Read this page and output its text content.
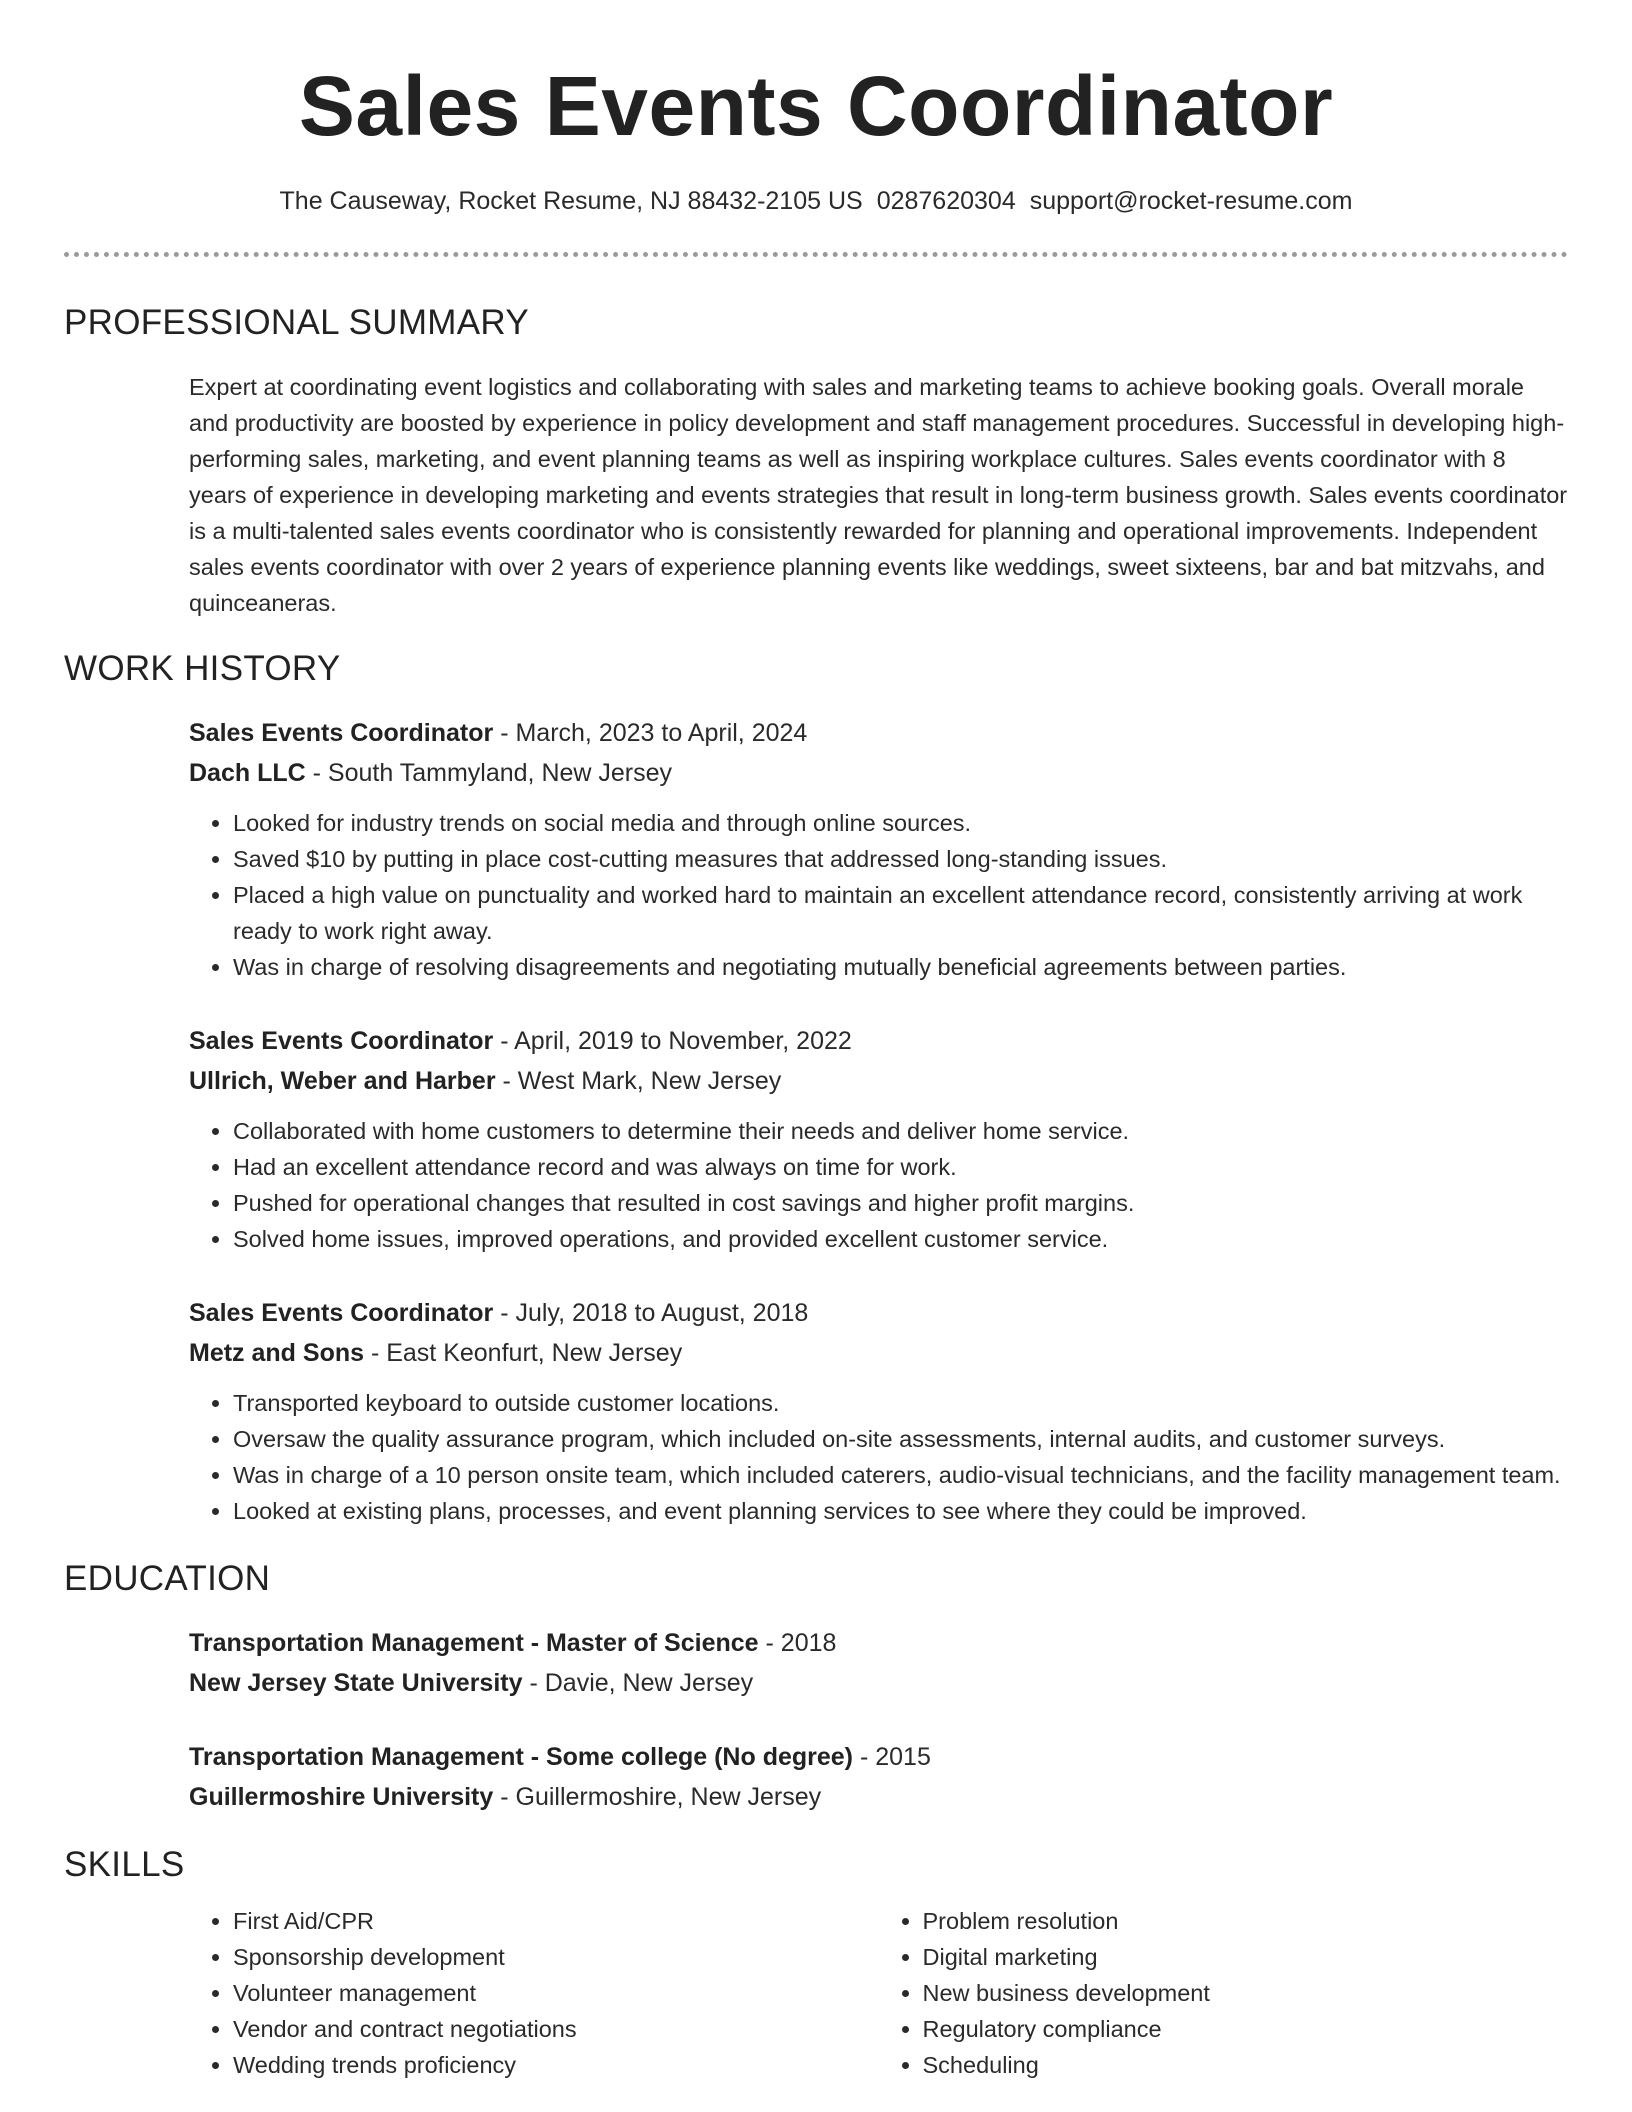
Sales Events Coordinator
The Causeway, Rocket Resume, NJ 88432-2105 US 0287620304 support@rocket-resume.com
PROFESSIONAL SUMMARY

Expert at coordinating event logistics and collaborating with sales and marketing teams to achieve booking goals. Overall morale and productivity are boosted by experience in policy development and staff management procedures. Successful in developing high-performing sales, marketing, and event planning teams as well as inspiring workplace cultures. Sales events coordinator with 8 years of experience in developing marketing and events strategies that result in long-term business growth. Sales events coordinator is a multi-talented sales events coordinator who is consistently rewarded for planning and operational improvements. Independent sales events coordinator with over 2 years of experience planning events like weddings, sweet sixteens, bar and bat mitzvahs, and quinceaneras.

WORK HISTORY
Sales Events Coordinator - March, 2023 to April, 2024
Dach LLC - South Tammyland, New Jersey
• Looked for industry trends on social media and through online sources.
• Saved $10 by putting in place cost-cutting measures that addressed long-standing issues.
• Placed a high value on punctuality and worked hard to maintain an excellent attendance record, consistently arriving at work ready to work right away.
• Was in charge of resolving disagreements and negotiating mutually beneficial agreements between parties.
Sales Events Coordinator - April, 2019 to November, 2022
Ullrich, Weber and Harber - West Mark, New Jersey
• Collaborated with home customers to determine their needs and deliver home service.
• Had an excellent attendance record and was always on time for work.
• Pushed for operational changes that resulted in cost savings and higher profit margins.
• Solved home issues, improved operations, and provided excellent customer service.
Sales Events Coordinator - July, 2018 to August, 2018
Metz and Sons - East Keonfurt, New Jersey
• Transported keyboard to outside customer locations.
• Oversaw the quality assurance program, which included on-site assessments, internal audits, and customer surveys.
• Was in charge of a 10 person onsite team, which included caterers, audio-visual technicians, and the facility management team.
• Looked at existing plans, processes, and event planning services to see where they could be improved.
EDUCATION
Transportation Management - Master of Science - 2018
New Jersey State University - Davie, New Jersey
Transportation Management - Some college (No degree) - 2015
Guillermoshire University - Guillermoshire, New Jersey
SKILLS
• First Aid/CPR
• Sponsorship development
• Volunteer management
• Vendor and contract negotiations
• Wedding trends proficiency
• Problem resolution
• Digital marketing
• New business development
• Regulatory compliance
• Scheduling
